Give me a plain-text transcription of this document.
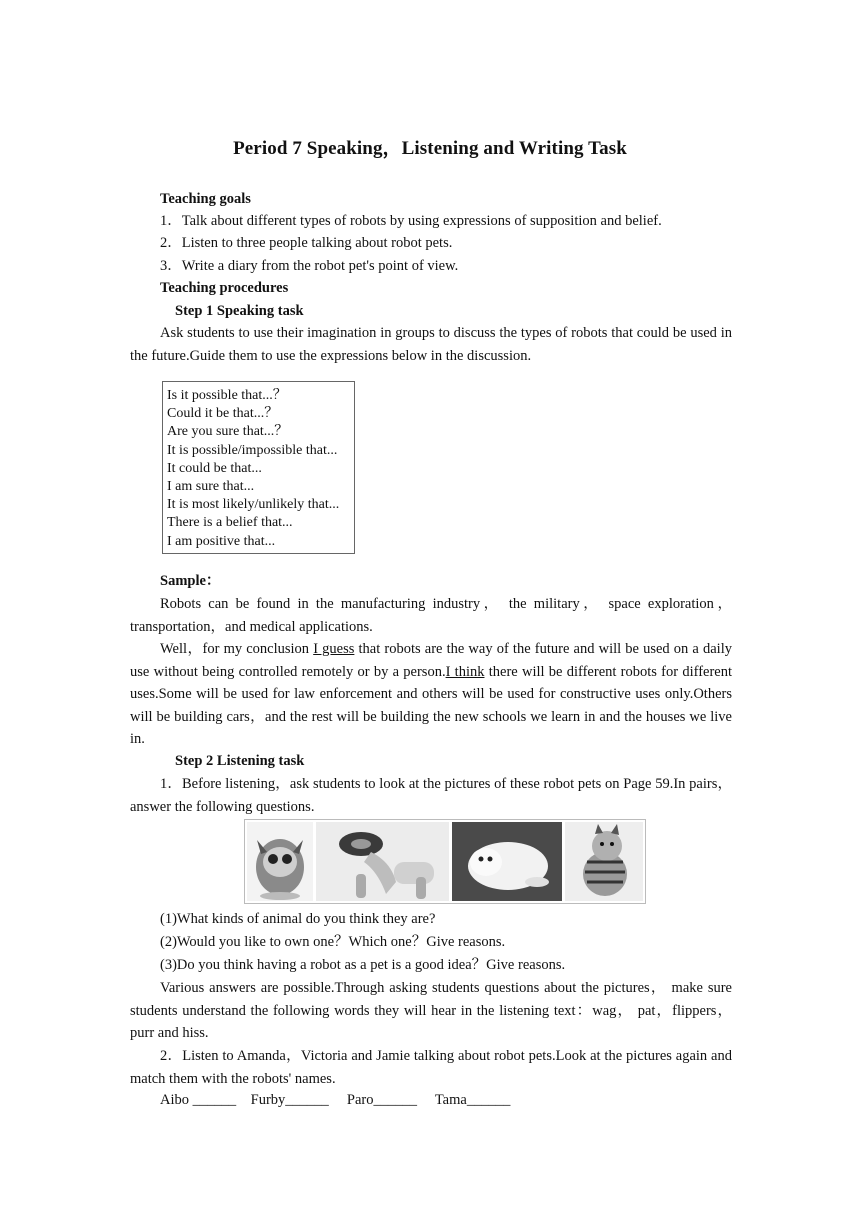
Period 7 Speaking，Listening and Writing Task
Teaching goals
1．Talk about different types of robots by using expressions of supposition and belief.
2．Listen to three people talking about robot pets.
3．Write a diary from the robot pet's point of view.
Teaching procedures
Step 1 Speaking task
Ask students to use their imagination in groups to discuss the types of robots that could be used in the future.Guide them to use the expressions below in the discussion.
Is it possible that...？
Could it be that...？
Are you sure that...？
It is possible/impossible that...
It could be that...
I am sure that...
It is most likely/unlikely that...
There is a belief that...
I am positive that...
Sample：
Robots can be found in the manufacturing industry， the military， space exploration，transportation，and medical applications.
Well，for my conclusion I guess that robots are the way of the future and will be used on a daily use without being controlled remotely or by a person.I think there will be different robots for different uses.Some will be used for law enforcement and others will be used for constructive uses only.Others will be building cars，and the rest will be building the new schools we learn in and the houses we live in.
Step 2 Listening task
1．Before listening，ask students to look at the pictures of these robot pets on Page 59.In pairs，answer the following questions.
(1)What kinds of animal do you think they are?
(2)Would you like to own one？Which one？Give reasons.
(3)Do you think having a robot as a pet is a good idea？Give reasons.
Various answers are possible.Through asking students questions about the pictures， make sure students understand the following words they will hear in the listening text：wag， pat，flippers，purr and hiss.
2．Listen to Amanda，Victoria and Jamie talking about robot pets.Look at the pictures again and match them with the robots' names.
Aibo ______    Furby______     Paro______     Tama______
